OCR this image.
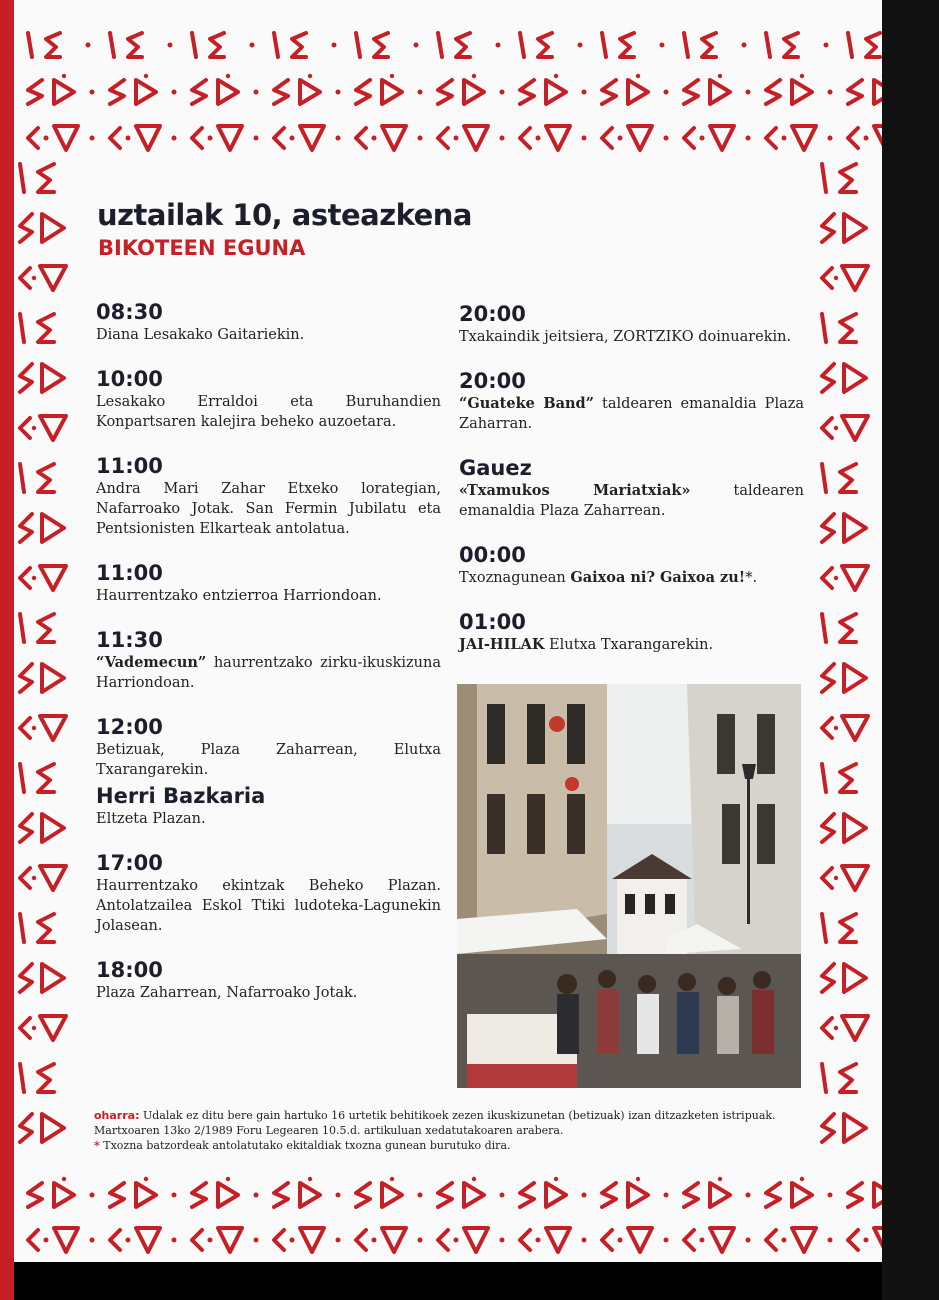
uztailak 10, asteazkena
BIKOTEEN EGUNA
08:30
Diana Lesakako Gaitariekin.
10:00
Lesakako Erraldoi eta Buruhandien Konpartsaren kalejira beheko auzoetara.
11:00
Andra Mari Zahar Etxeko lorategian, Nafarroako Jotak. San Fermin Jubilatu eta Pentsionisten Elkarteak antolatua.
11:00
Haurrentzako entzierroa Harriondoan.
11:30
“Vademecun” haurrentzako zirku-ikuskizuna Harriondoan.
12:00
Betizuak, Plaza Zaharrean, Elutxa Txarangarekin.
Herri Bazkaria
Eltzeta Plazan.
17:00
Haurrentzako ekintzak Beheko Plazan. Antolatzailea Eskol Ttiki ludoteka-Lagunekin Jolasean.
18:00
Plaza Zaharrean, Nafarroako Jotak.
20:00
Txakaindik jeitsiera, ZORTZIKO doinuarekin.
20:00
“Guateke Band” taldearen emanaldia Plaza Zaharran.
Gauez
«Txamukos Mariatxiak» taldearen emanaldia Plaza Zaharrean.
00:00
Txoznagunean Gaixoa ni? Gaixoa zu!*.
01:00
JAI-HILAK Elutxa Txarangarekin.
oharra: Udalak ez ditu bere gain hartuko 16 urtetik behitikoek zezen ikuskizunetan (betizuak) izan ditzazketen istripuak. Martxoaren 13ko 2/1989 Foru Legearen 10.5.d. artikuluan xedatutakoaren arabera.
* Txozna batzordeak antolatutako ekitaldiak txozna gunean burutuko dira.
